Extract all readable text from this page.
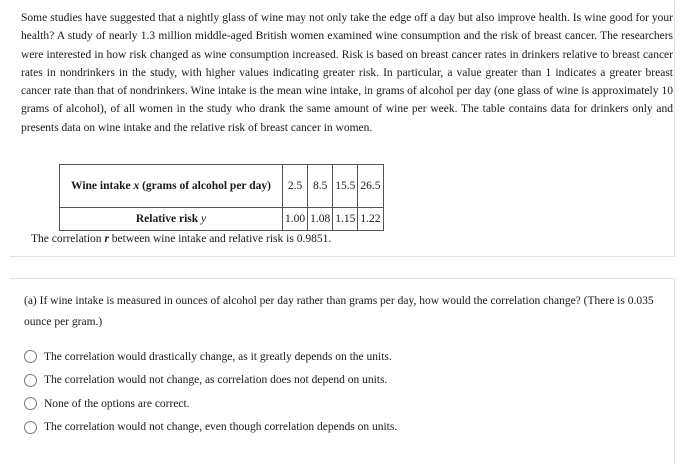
Some studies have suggested that a nightly glass of wine may not only take the edge off a day but also improve health. Is wine good for your health? A study of nearly 1.3 million middle-aged British women examined wine consumption and the risk of breast cancer. The researchers were interested in how risk changed as wine consumption increased. Risk is based on breast cancer rates in drinkers relative to breast cancer rates in nondrinkers in the study, with higher values indicating greater risk. In particular, a value greater than 1 indicates a greater breast cancer rate than that of nondrinkers. Wine intake is the mean wine intake, in grams of alcohol per day (one glass of wine is approximately 10 grams of alcohol), of all women in the study who drank the same amount of wine per week. The table contains data for drinkers only and presents data on wine intake and the relative risk of breast cancer in women.

Wine intake x (grams of alcohol per day)	2.5	8.5	15.5	26.5
Relative risk y	1.00	1.08	1.15	1.22

The correlation r between wine intake and relative risk is 0.9851.

(a) If wine intake is measured in ounces of alcohol per day rather than grams per day, how would the correlation change? (There is 0.035 ounce per gram.)

The correlation would drastically change, as it greatly depends on the units.
The correlation would not change, as correlation does not depend on units.
None of the options are correct.
The correlation would not change, even though correlation depends on units.
